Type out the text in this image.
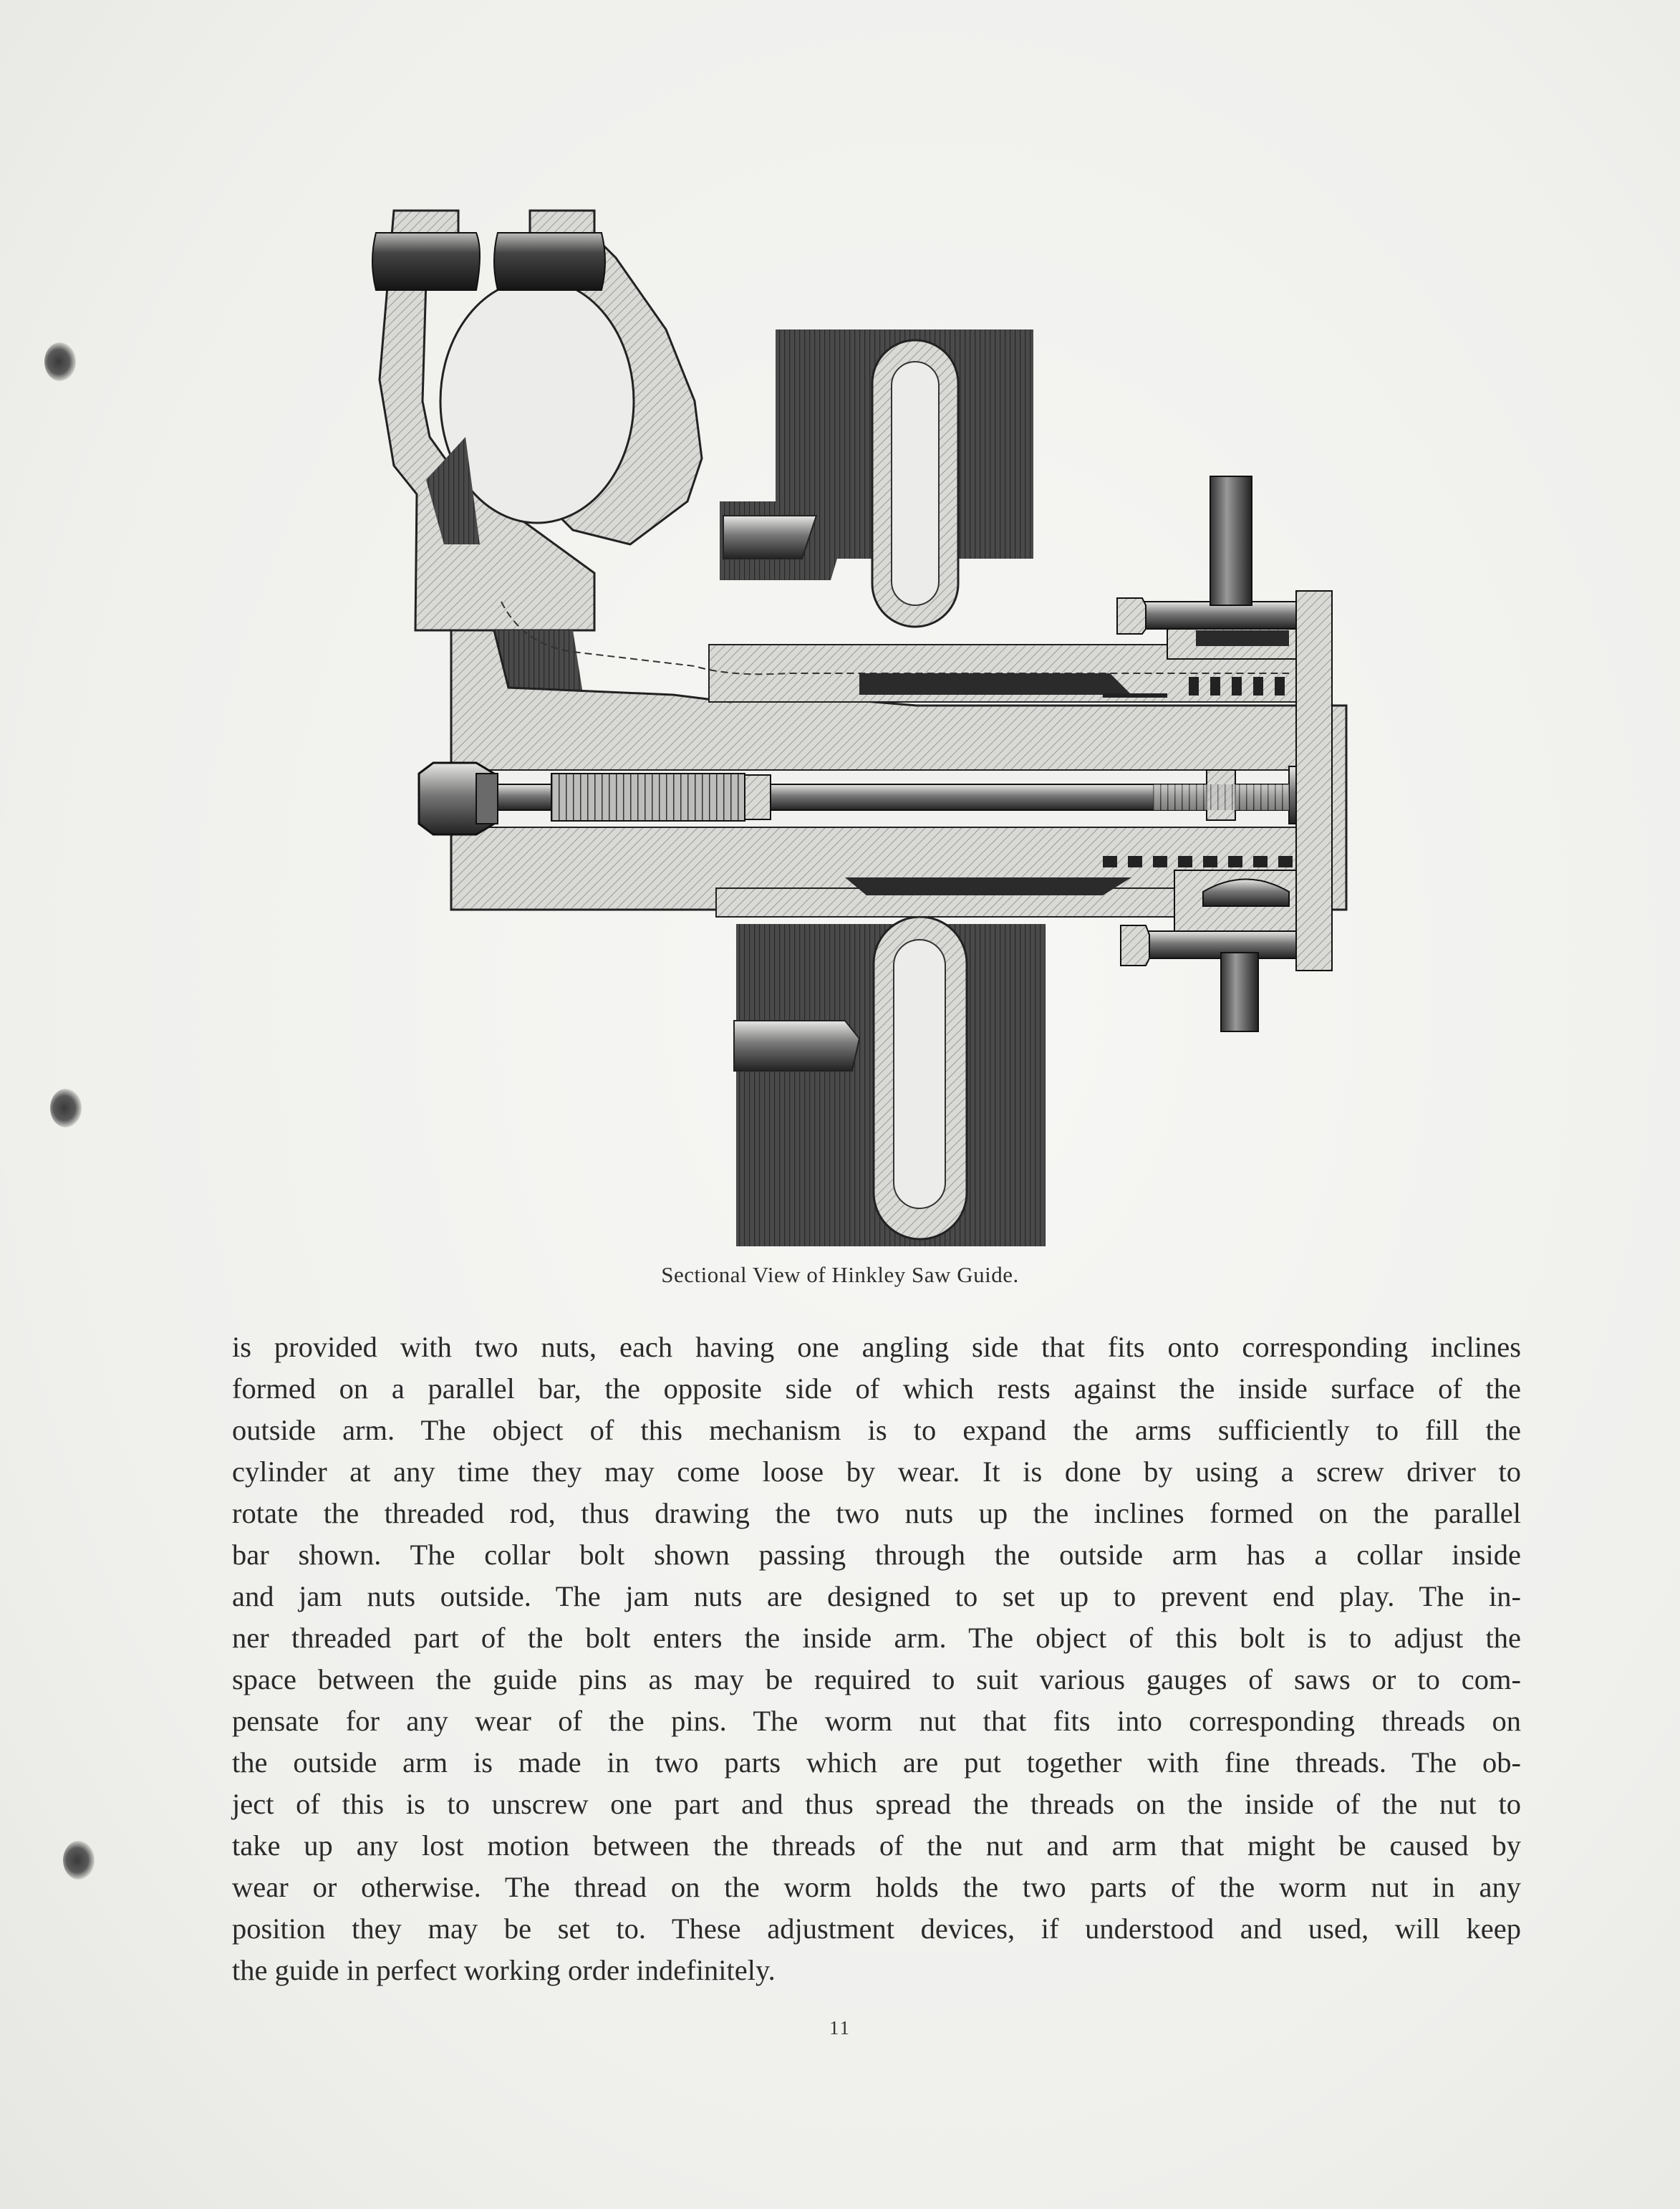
Sectional View of Hinkley Saw Guide.
is provided with two nuts, each having one angling side that fits onto corresponding inclines
formed on a parallel bar, the opposite side of which rests against the inside surface of the
outside arm. The object of this mechanism is to expand the arms sufficiently to fill the
cylinder at any time they may come loose by wear. It is done by using a screw driver to
rotate the threaded rod, thus drawing the two nuts up the inclines formed on the parallel
bar shown. The collar bolt shown passing through the outside arm has a collar inside
and jam nuts outside. The jam nuts are designed to set up to prevent end play. The in-
ner threaded part of the bolt enters the inside arm. The object of this bolt is to adjust the
space between the guide pins as may be required to suit various gauges of saws or to com-
pensate for any wear of the pins. The worm nut that fits into corresponding threads on
the outside arm is made in two parts which are put together with fine threads. The ob-
ject of this is to unscrew one part and thus spread the threads on the inside of the nut to
take up any lost motion between the threads of the nut and arm that might be caused by
wear or otherwise. The thread on the worm holds the two parts of the worm nut in any
position they may be set to. These adjustment devices, if understood and used, will keep
the guide in perfect working order indefinitely.
11
